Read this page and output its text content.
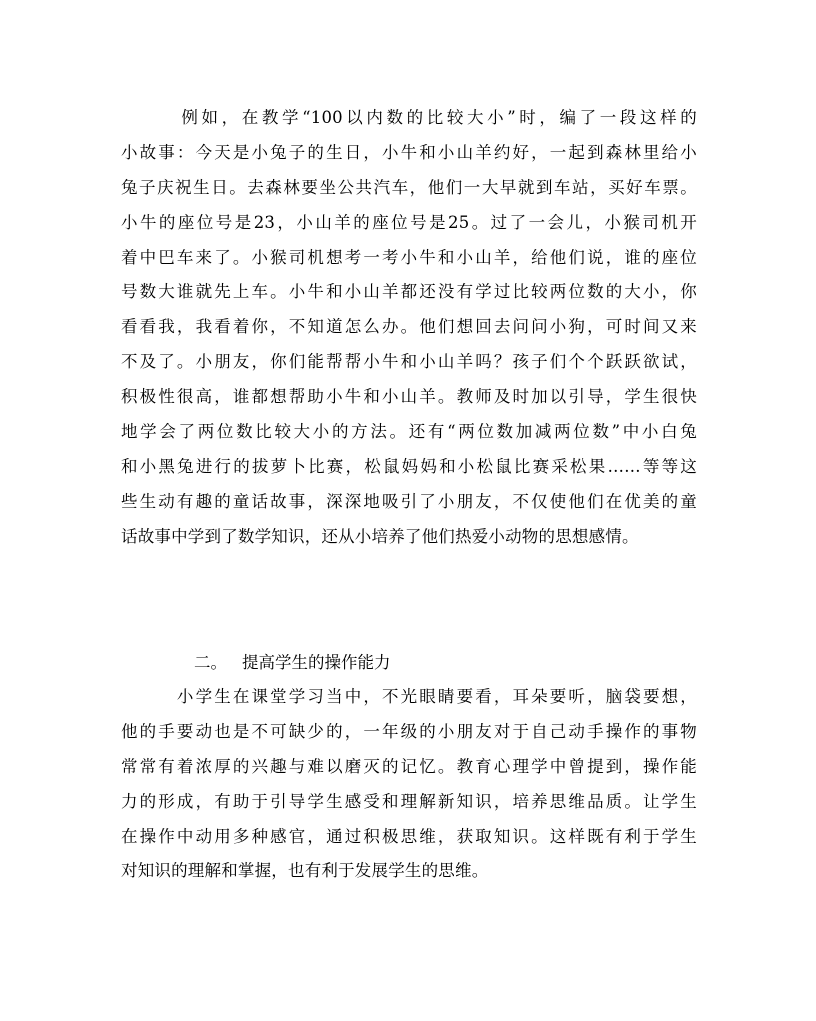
　　　例如，在教学“100以内数的比较大小”时，编了一段这样的
小故事：今天是小兔子的生日，小牛和小山羊约好，一起到森林里给小
兔子庆祝生日。去森林要坐公共汽车，他们一大早就到车站，买好车票。
小牛的座位号是23，小山羊的座位号是25。过了一会儿，小猴司机开
着中巴车来了。小猴司机想考一考小牛和小山羊，给他们说，谁的座位
号数大谁就先上车。小牛和小山羊都还没有学过比较两位数的大小，你
看看我，我看着你，不知道怎么办。他们想回去问问小狗，可时间又来
不及了。小朋友，你们能帮帮小牛和小山羊吗？孩子们个个跃跃欲试，
积极性很高，谁都想帮助小牛和小山羊。教师及时加以引导，学生很快
地学会了两位数比较大小的方法。还有“两位数加减两位数”中小白兔
和小黑兔进行的拔萝卜比赛，松鼠妈妈和小松鼠比赛采松果……等等这
些生动有趣的童话故事，深深地吸引了小朋友，不仅使他们在优美的童
话故事中学到了数学知识，还从小培养了他们热爱小动物的思想感情。
二。 提高学生的操作能力
　　　小学生在课堂学习当中，不光眼睛要看，耳朵要听，脑袋要想，
他的手要动也是不可缺少的，一年级的小朋友对于自己动手操作的事物
常常有着浓厚的兴趣与难以磨灭的记忆。教育心理学中曾提到，操作能
力的形成，有助于引导学生感受和理解新知识，培养思维品质。让学生
在操作中动用多种感官，通过积极思维，获取知识。这样既有利于学生
对知识的理解和掌握，也有利于发展学生的思维。
